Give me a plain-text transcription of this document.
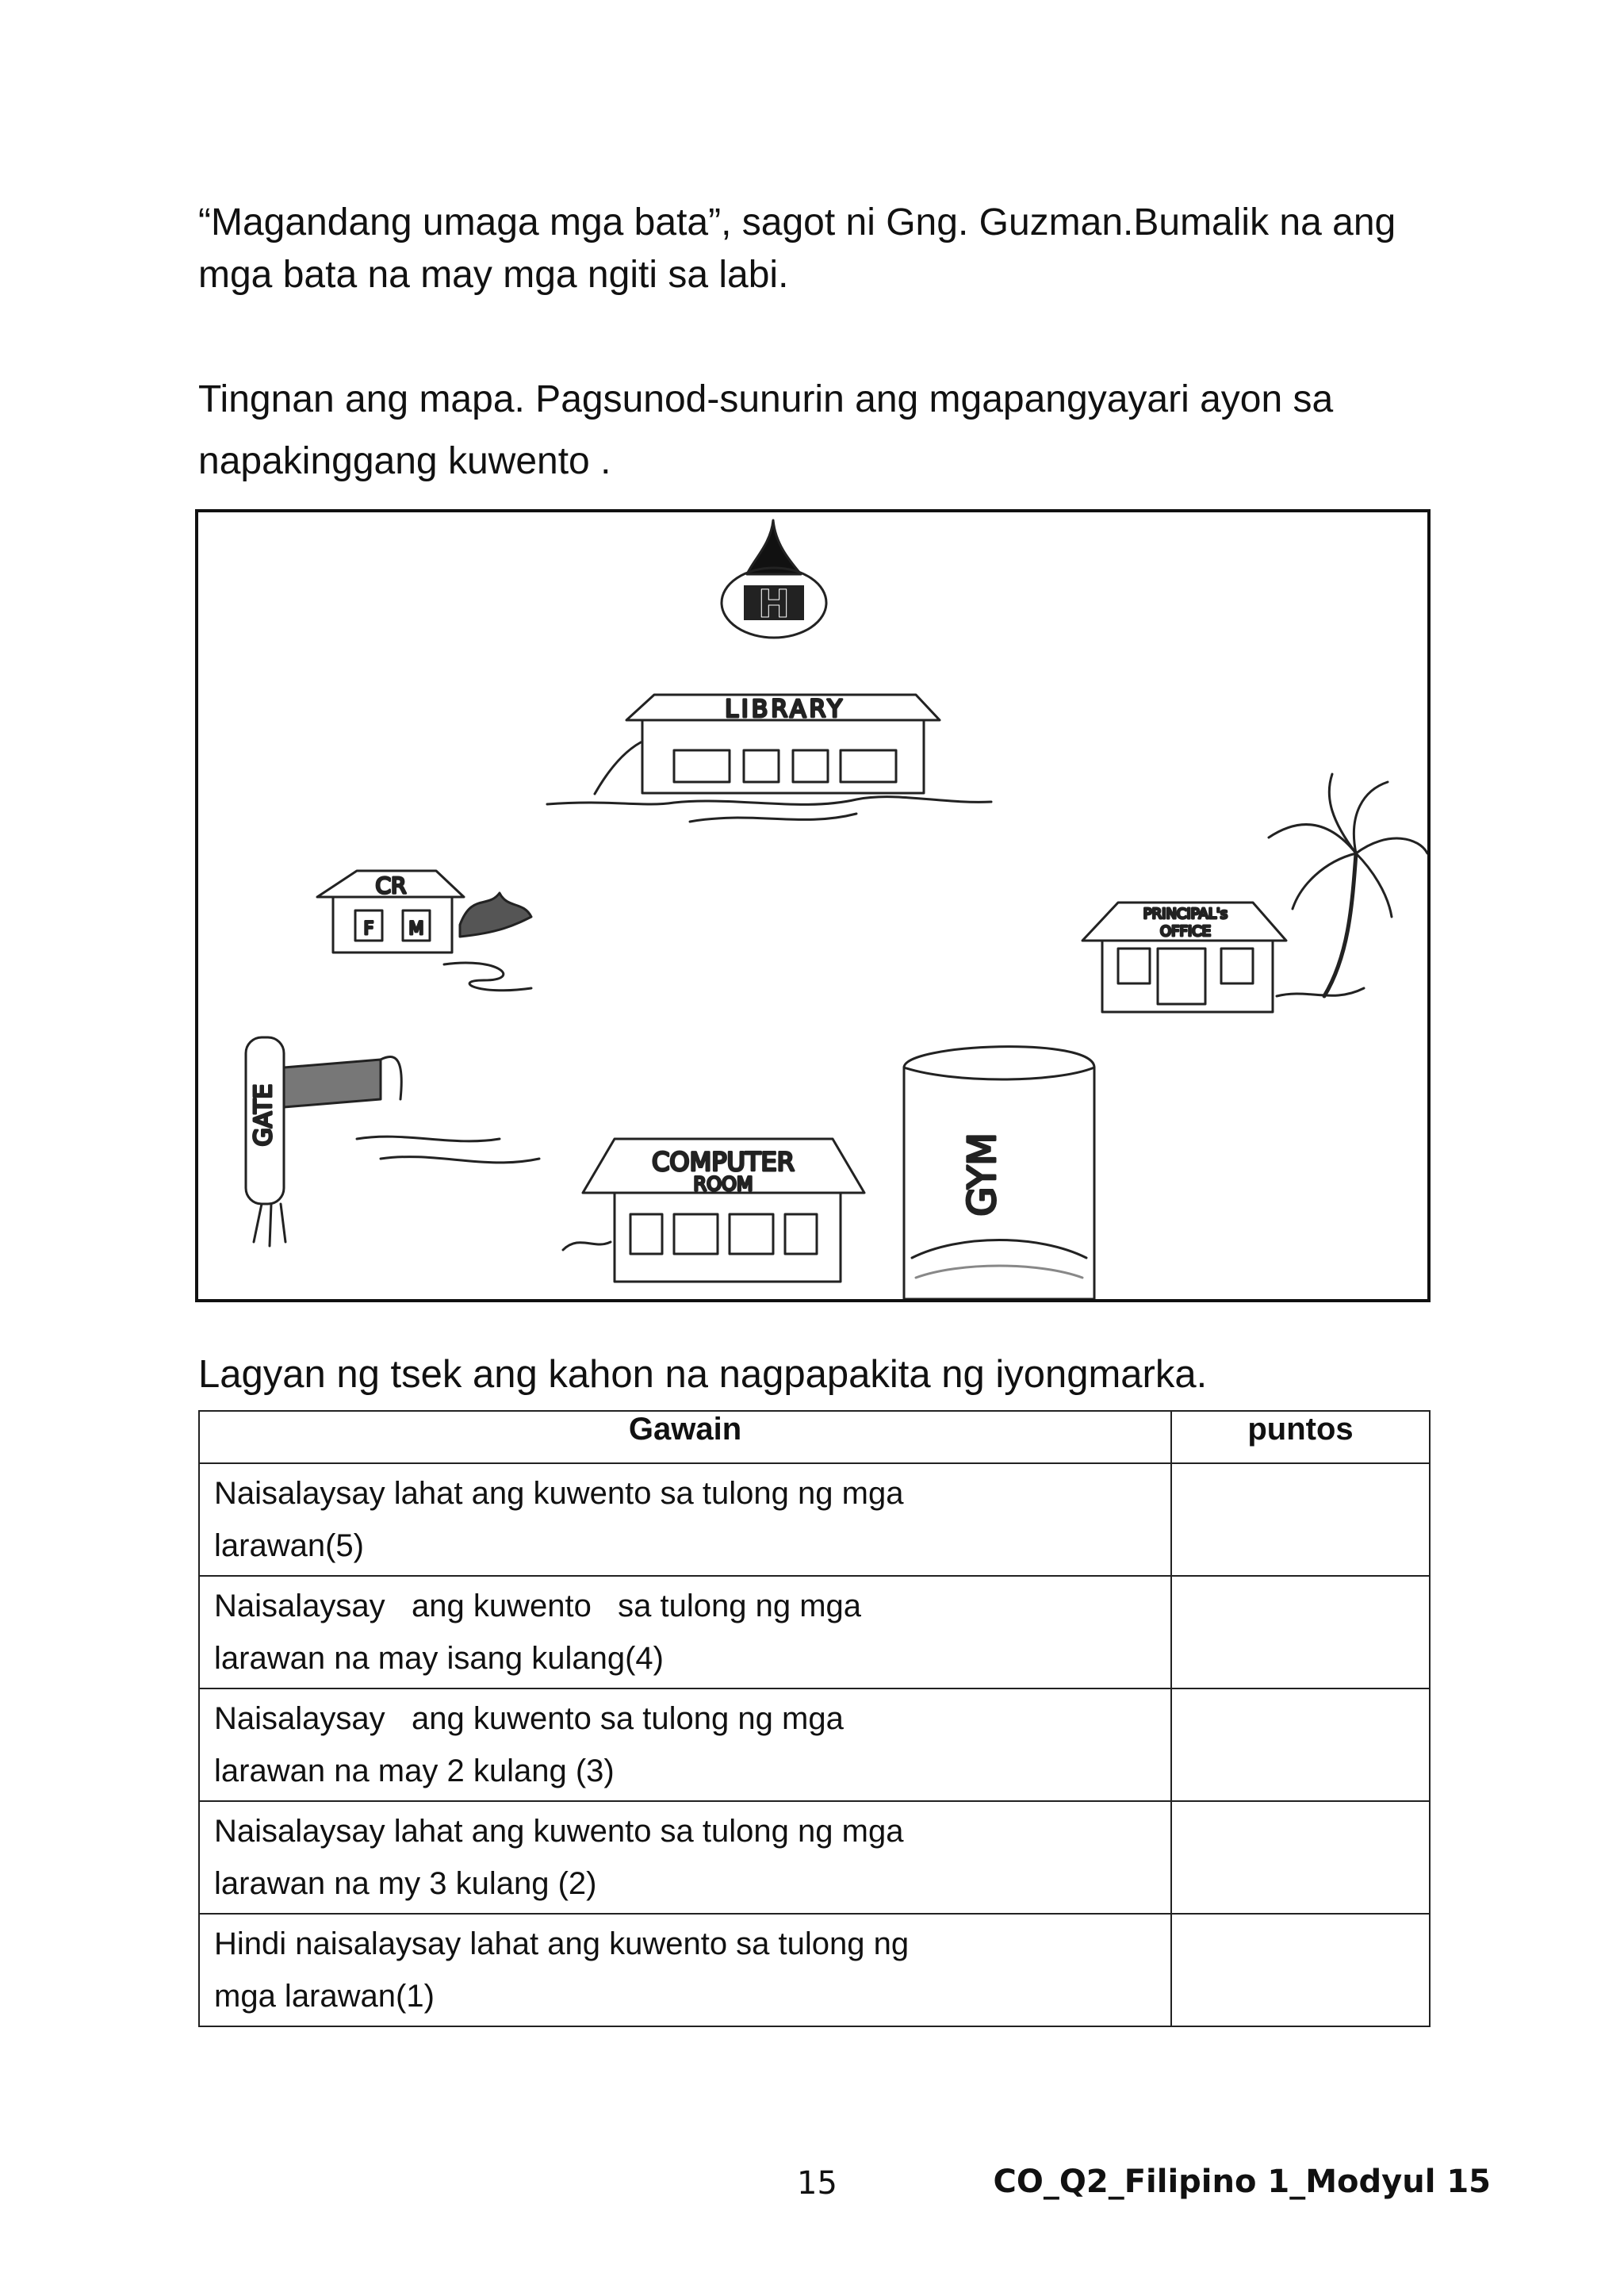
“Magandang umaga mga bata”, sagot ni Gng. Guzman.Bumalik na ang
mga bata na may mga ngiti sa labi.

Tingnan ang mapa. Pagsunod-sunurin ang mgapangyayari ayon sa
napakinggang kuwento .

H
LIBRARY
CR
F M
PRINCIPAL's
OFFICE
GATE
COMPUTER
ROOM	GYM

Lagyan ng tsek ang kahon na nagpapakita ng iyongmarka.

Gawain	puntos
Naisalaysay lahat ang kuwento sa tulong ng mga
larawan(5)	
Naisalaysay   ang kuwento   sa tulong ng mga
larawan na may isang kulang(4)	
Naisalaysay   ang kuwento sa tulong ng mga
larawan na may 2 kulang (3)	
Naisalaysay lahat ang kuwento sa tulong ng mga
larawan na my 3 kulang (2)	
Hindi naisalaysay lahat ang kuwento sa tulong ng
mga larawan(1)	
15	CO_Q2_Filipino 1_Modyul 15
